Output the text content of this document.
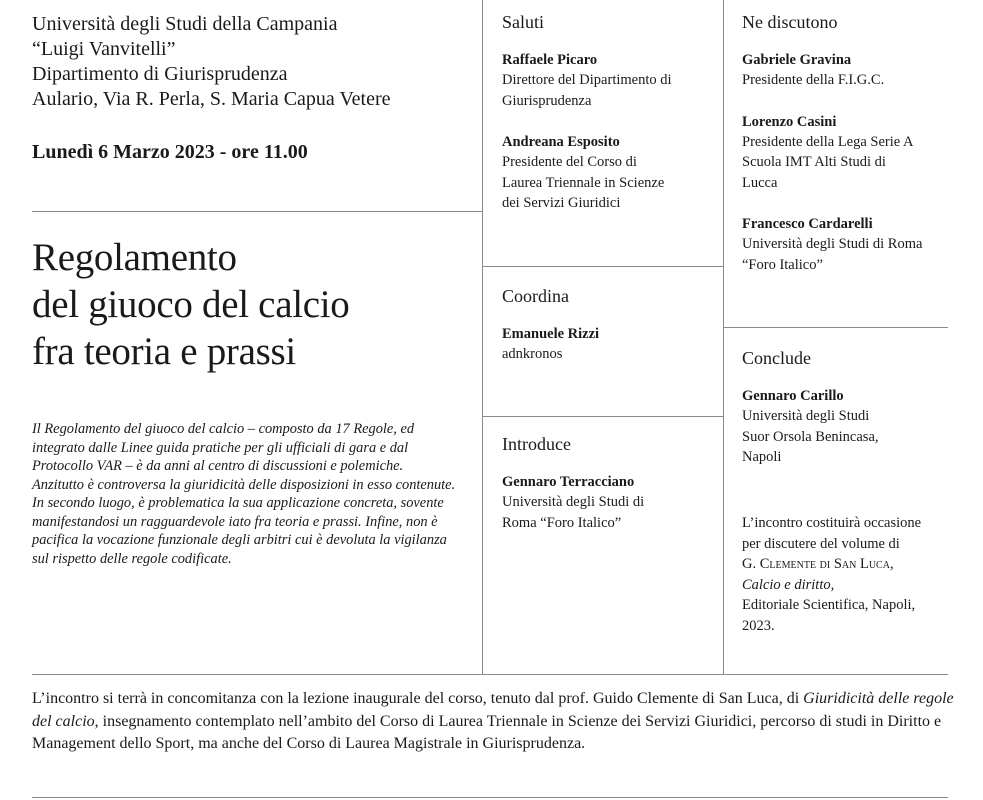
Università degli Studi della Campania
“Luigi Vanvitelli”
Dipartimento di Giurisprudenza
Aulario, Via R. Perla, S. Maria Capua Vetere
Lunedì 6 Marzo 2023 - ore 11.00
Regolamento
del giuoco del calcio
fra teoria e prassi

Il Regolamento del giuoco del calcio – composto da 17 Regole, ed integrato dalle Linee guida pratiche per gli ufficiali di gara e dal Protocollo VAR – è da anni al centro di discussioni e polemiche. Anzitutto è controversa la giuridicità delle disposizioni in esso contenute. In secondo luogo, è problematica la sua applicazione concreta, sovente manifestandosi un ragguardevole iato fra teoria e prassi. Infine, non è pacifica la vocazione funzionale degli arbitri cui è devoluta la vigilanza sul rispetto delle regole codificate.

Saluti
Raffaele Picaro
Direttore del Dipartimento di
Giurisprudenza
Andreana Esposito
Presidente del Corso di
Laurea Triennale in Scienze
dei Servizi Giuridici
Coordina
Emanuele Rizzi
adnkronos
Introduce
Gennaro Terracciano
Università degli Studi di
Roma “Foro Italico”
Ne discutono
Gabriele Gravina
Presidente della F.I.G.C.
Lorenzo Casini
Presidente della Lega Serie A
Scuola IMT Alti Studi di
Lucca
Francesco Cardarelli
Università degli Studi di Roma
“Foro Italico”
Conclude
Gennaro Carillo
Università degli Studi
Suor Orsola Benincasa,
Napoli
L’incontro costituirà occasione
per discutere del volume di
G. Clemente di San Luca,
Calcio e diritto,
Editoriale Scientifica, Napoli,
2023.

L’incontro si terrà in concomitanza con la lezione inaugurale del corso, tenuto dal prof. Guido Clemente di San Luca, di Giuridicità delle regole del calcio, insegnamento contemplato nell’ambito del Corso di Laurea Triennale in Scienze dei Servizi Giuridici, percorso di studi in Diritto e Management dello Sport, ma anche del Corso di Laurea Magistrale in Giurisprudenza.
